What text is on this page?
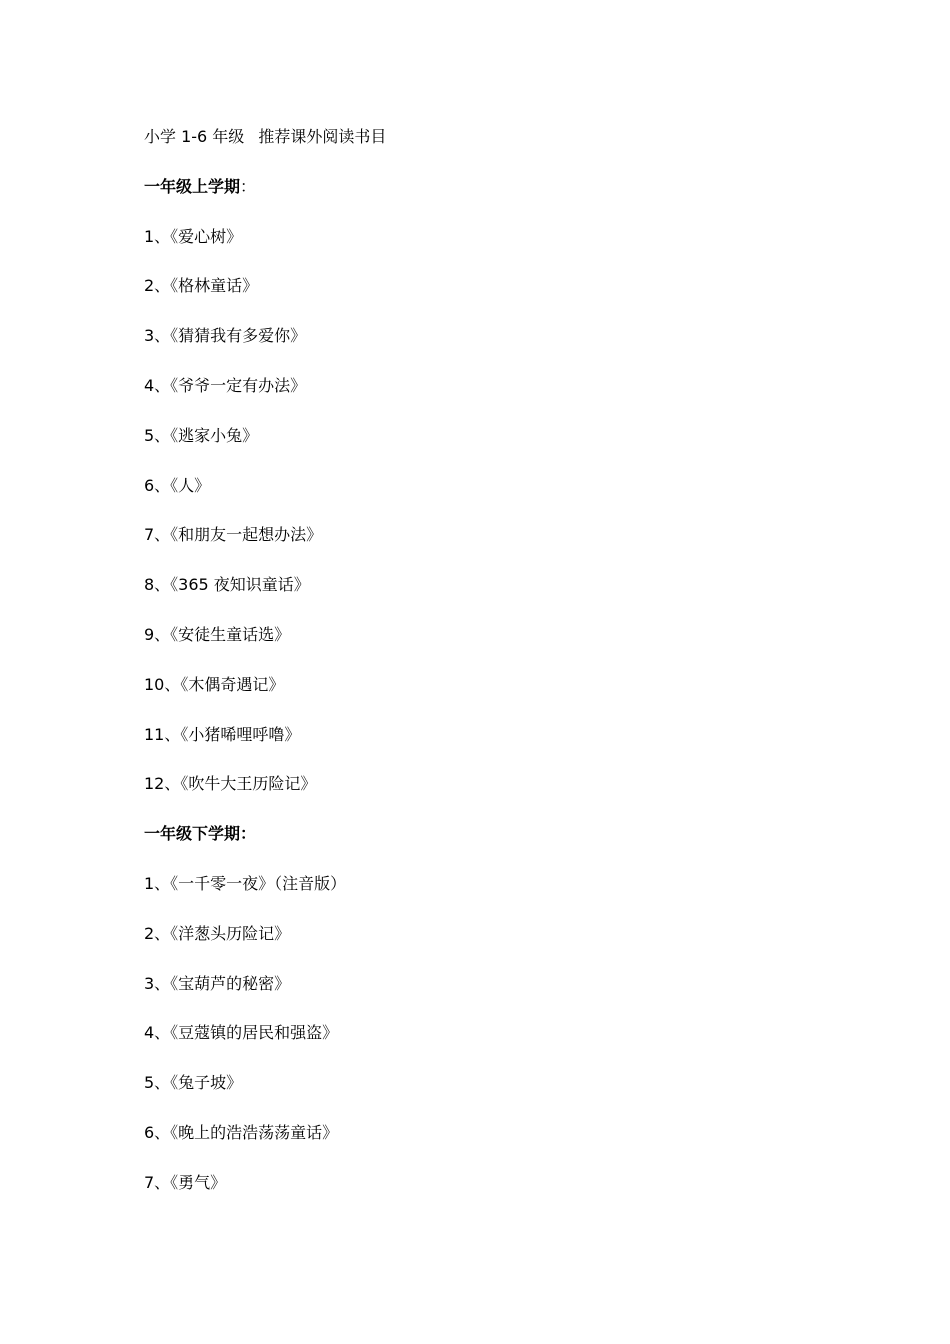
小学 1-6 年级 推荐课外阅读书目
一年级上学期：
1、《爱心树》
2、《格林童话》
3、《猜猜我有多爱你》
4、《爷爷一定有办法》
5、《逃家小兔》
6、《人》
7、《和朋友一起想办法》
8、《365 夜知识童话》
9、《安徒生童话选》
10、《木偶奇遇记》
11、《小猪唏哩呼噜》
12、《吹牛大王历险记》
一年级下学期：
1、《一千零一夜》（注音版）
2、《洋葱头历险记》
3、《宝葫芦的秘密》
4、《豆蔻镇的居民和强盗》
5、《兔子坡》
6、《晚上的浩浩荡荡童话》
7、《勇气》
